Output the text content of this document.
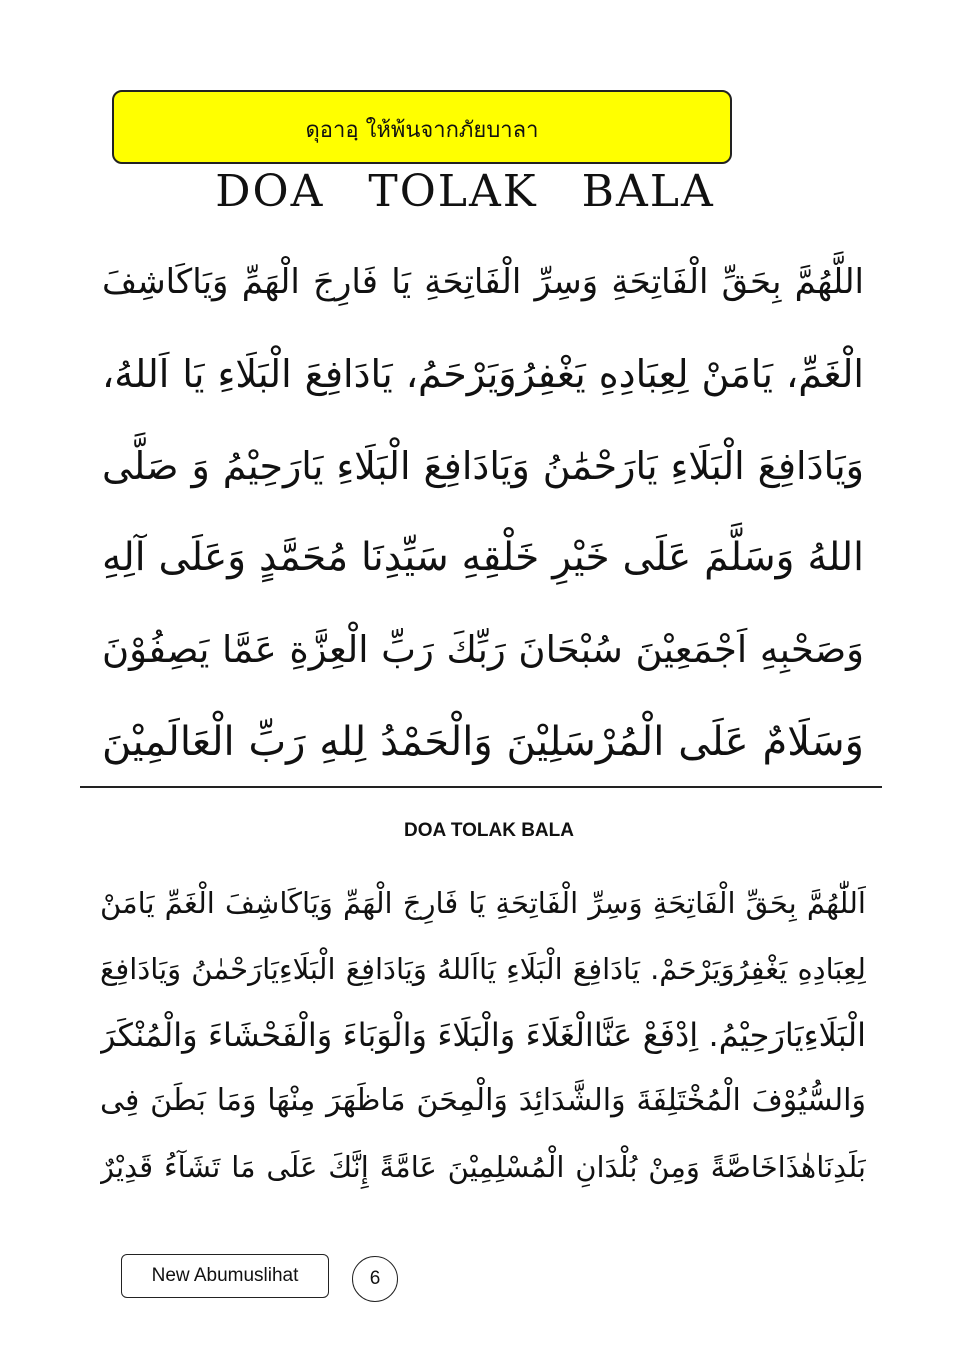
ดุอาอฺ ให้พ้นจากภัยบาลา
DOA TOLAK BALA
اللَّهُمَّ بِحَقِّ الْفَاتِحَةِ وَسِرِّ الْفَاتِحَةِ يَا فَارِجَ الْهَمِّ وَيَاكَاشِفَ
الْغَمِّ، يَامَنْ لِعِبَادِهِ يَغْفِرُوَيَرْحَمُ، يَادَافِعَ الْبَلَاءِ يَا اَللهُ،
وَيَادَافِعَ الْبَلَاءِ يَارَحْمَٰنُ وَيَادَافِعَ الْبَلَاءِ يَارَحِيْمُ وَ صَلَّى
اللهُ وَسَلَّمَ عَلَى خَيْرِ خَلْقِهِ سَيِّدِنَا مُحَمَّدٍ وَعَلَى آلِهِ
وَصَحْبِهِ اَجْمَعِيْنَ سُبْحَانَ رَبِّكَ رَبِّ الْعِزَّةِ عَمَّا يَصِفُوْنَ
وَسَلَامٌ عَلَى الْمُرْسَلِيْنَ وَالْحَمْدُ لِلهِ رَبِّ الْعَالَمِيْنَ
DOA TOLAK BALA
اَللّٰهُمَّ بِحَقِّ الْفَاتِحَةِ وَسِرِّ الْفَاتِحَةِ يَا فَارِجَ الْهَمِّ وَيَاكَاشِفَ الْغَمِّ يَامَنْ
لِعِبَادِهِ يَغْفِرُوَيَرْحَمْ. يَادَافِعَ الْبَلَاءِ يَااَللهُ وَيَادَافِعَ الْبَلَاءِيَارَحْمٰنُ وَيَادَافِعَ
الْبَلَاءِيَارَحِيْمُ. اِدْفَعْ عَنَّاالْغَلَاءَ وَالْبَلَاءَ وَالْوَبَاءَ وَالْفَحْشَاءَ وَالْمُنْكَرَ
وَالسُّيُوْفَ الْمُخْتَلِفَةَ وَالشَّدَائِدَ وَالْمِحَنَ مَاظَهَرَ مِنْهَا وَمَا بَطَنَ فِى
بَلَدِنَاهٰذَاخَاصَّةً وَمِنْ بُلْدَانِ الْمُسْلِمِيْنَ عَامَّةً إِنَّكَ عَلَى مَا تَشَآءُ قَدِيْرٌ
New Abumuslihat	6
